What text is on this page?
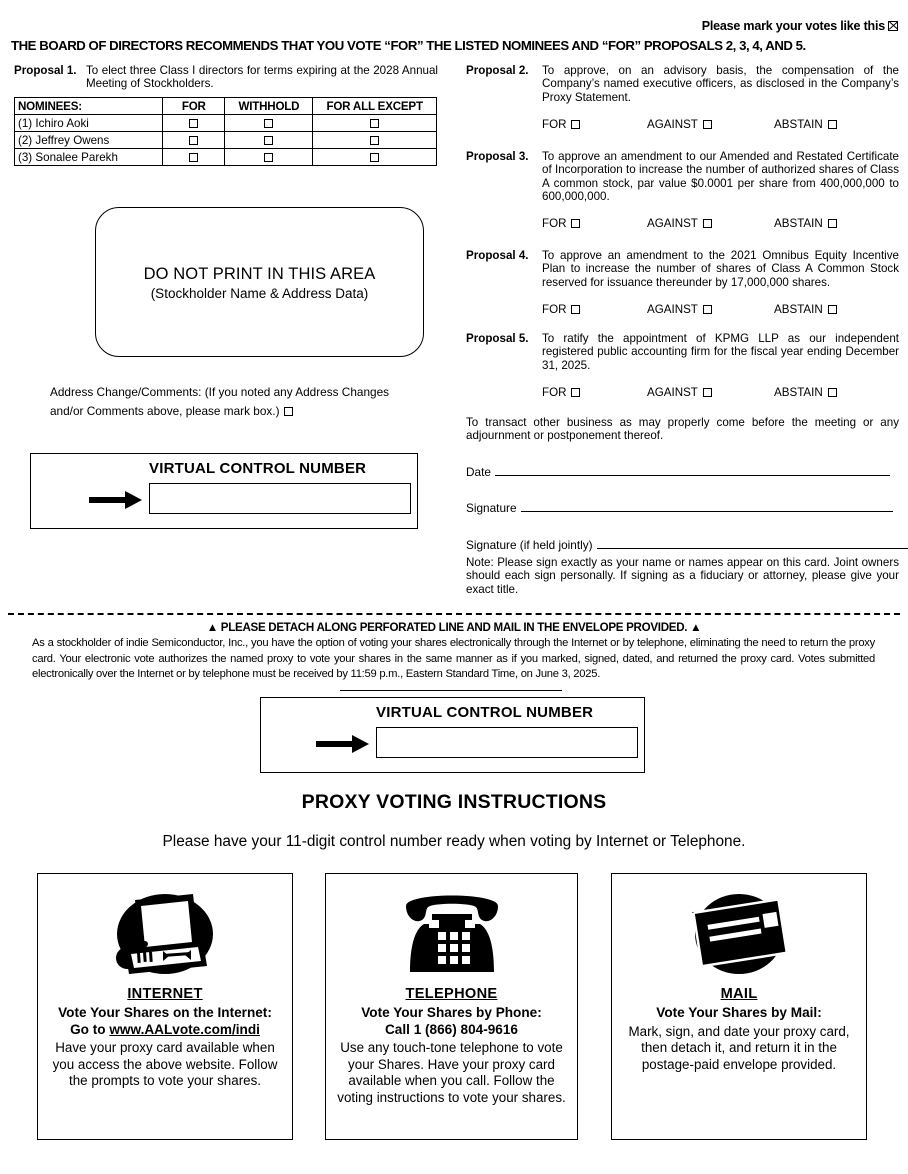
Please mark your votes like this
THE BOARD OF DIRECTORS RECOMMENDS THAT YOU VOTE “FOR” THE LISTED NOMINEES AND “FOR” PROPOSALS 2, 3, 4, AND 5.
Proposal 1. To elect three Class I directors for terms expiring at the 2028 Annual Meeting of Stockholders.
NOMINEES:	FOR	WITHHOLD	FOR ALL EXCEPT
(1) Ichiro Aoki			
(2) Jeffrey Owens			
(3) Sonalee Parekh			
DO NOT PRINT IN THIS AREA
(Stockholder Name & Address Data)
Address Change/Comments: (If you noted any Address Changes
and/or Comments above, please mark box.)
VIRTUAL CONTROL NUMBER
Proposal 2. To approve, on an advisory basis, the compensation of the Company’s named executive officers, as disclosed in the Company’s Proxy Statement.
FOR	AGAINST	ABSTAIN
Proposal 3. To approve an amendment to our Amended and Restated Certificate of Incorporation to increase the number of authorized shares of Class A common stock, par value $0.0001 per share from 400,000,000 to 600,000,000.
FOR	AGAINST	ABSTAIN
Proposal 4. To approve an amendment to the 2021 Omnibus Equity Incentive Plan to increase the number of shares of Class A Common Stock reserved for issuance thereunder by 17,000,000 shares.
FOR	AGAINST	ABSTAIN
Proposal 5. To ratify the appointment of KPMG LLP as our independent registered public accounting firm for the fiscal year ending December 31, 2025.
FOR	AGAINST	ABSTAIN
To transact other business as may properly come before the meeting or any adjournment or postponement thereof.
Date
Signature
Signature (if held jointly)
Note: Please sign exactly as your name or names appear on this card. Joint owners should each sign personally. If signing as a fiduciary or attorney, please give your exact title.
▲ PLEASE DETACH ALONG PERFORATED LINE AND MAIL IN THE ENVELOPE PROVIDED. ▲
As a stockholder of indie Semiconductor, Inc., you have the option of voting your shares electronically through the Internet or by telephone, eliminating the need to return the proxy card. Your electronic vote authorizes the named proxy to vote your shares in the same manner as if you marked, signed, dated, and returned the proxy card. Votes submitted electronically over the Internet or by telephone must be received by 11:59 p.m., Eastern Standard Time, on June 3, 2025.
VIRTUAL CONTROL NUMBER
PROXY VOTING INSTRUCTIONS
Please have your 11-digit control number ready when voting by Internet or Telephone.
INTERNET
Vote Your Shares on the Internet:
Go to www.AALvote.com/indi
Have your proxy card available when you access the above website. Follow the prompts to vote your shares.
TELEPHONE
Vote Your Shares by Phone:
Call 1 (866) 804-9616
Use any touch-tone telephone to vote your Shares. Have your proxy card available when you call. Follow the voting instructions to vote your shares.
MAIL
Vote Your Shares by Mail:
Mark, sign, and date your proxy card, then detach it, and return it in the postage-paid envelope provided.
